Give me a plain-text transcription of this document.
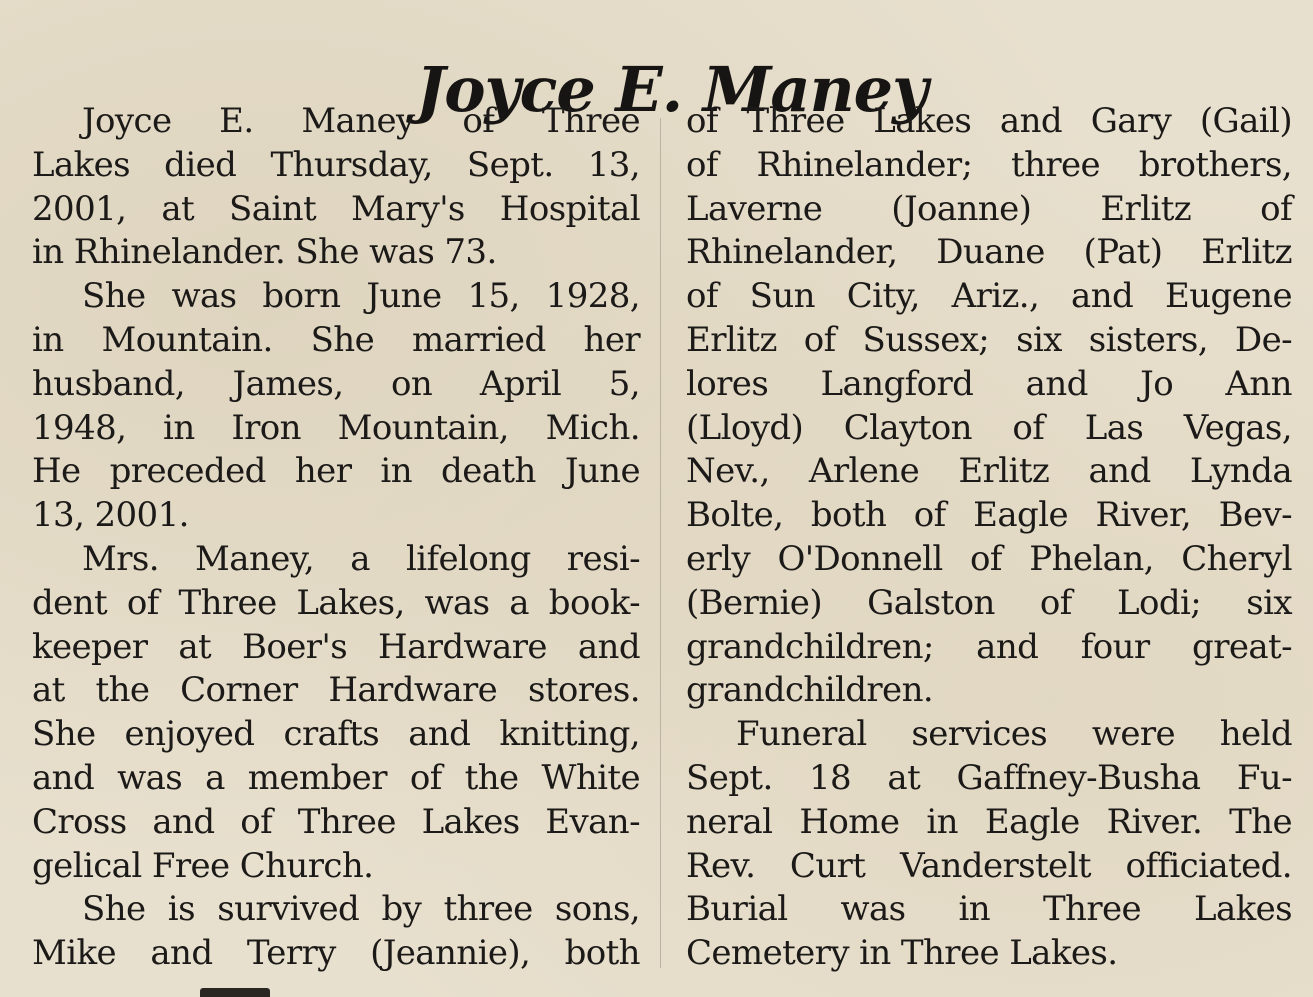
Joyce E. Maney
Joyce E. Maney of Three
Lakes died Thursday, Sept. 13,
2001, at Saint Mary's Hospital
in Rhinelander. She was 73.
She was born June 15, 1928,
in Mountain. She married her
husband, James, on April 5,
1948, in Iron Mountain, Mich.
He preceded her in death June
13, 2001.
Mrs. Maney, a lifelong resi-
dent of Three Lakes, was a book-
keeper at Boer's Hardware and
at the Corner Hardware stores.
She enjoyed crafts and knitting,
and was a member of the White
Cross and of Three Lakes Evan-
gelical Free Church.
She is survived by three sons,
Mike and Terry (Jeannie), both
of Three Lakes and Gary (Gail)
of Rhinelander; three brothers,
Laverne (Joanne) Erlitz of
Rhinelander, Duane (Pat) Erlitz
of Sun City, Ariz., and Eugene
Erlitz of Sussex; six sisters, De-
lores Langford and Jo Ann
(Lloyd) Clayton of Las Vegas,
Nev., Arlene Erlitz and Lynda
Bolte, both of Eagle River, Bev-
erly O'Donnell of Phelan, Cheryl
(Bernie) Galston of Lodi; six
grandchildren; and four great-
grandchildren.
Funeral services were held
Sept. 18 at Gaffney-Busha Fu-
neral Home in Eagle River. The
Rev. Curt Vanderstelt officiated.
Burial was in Three Lakes
Cemetery in Three Lakes.
